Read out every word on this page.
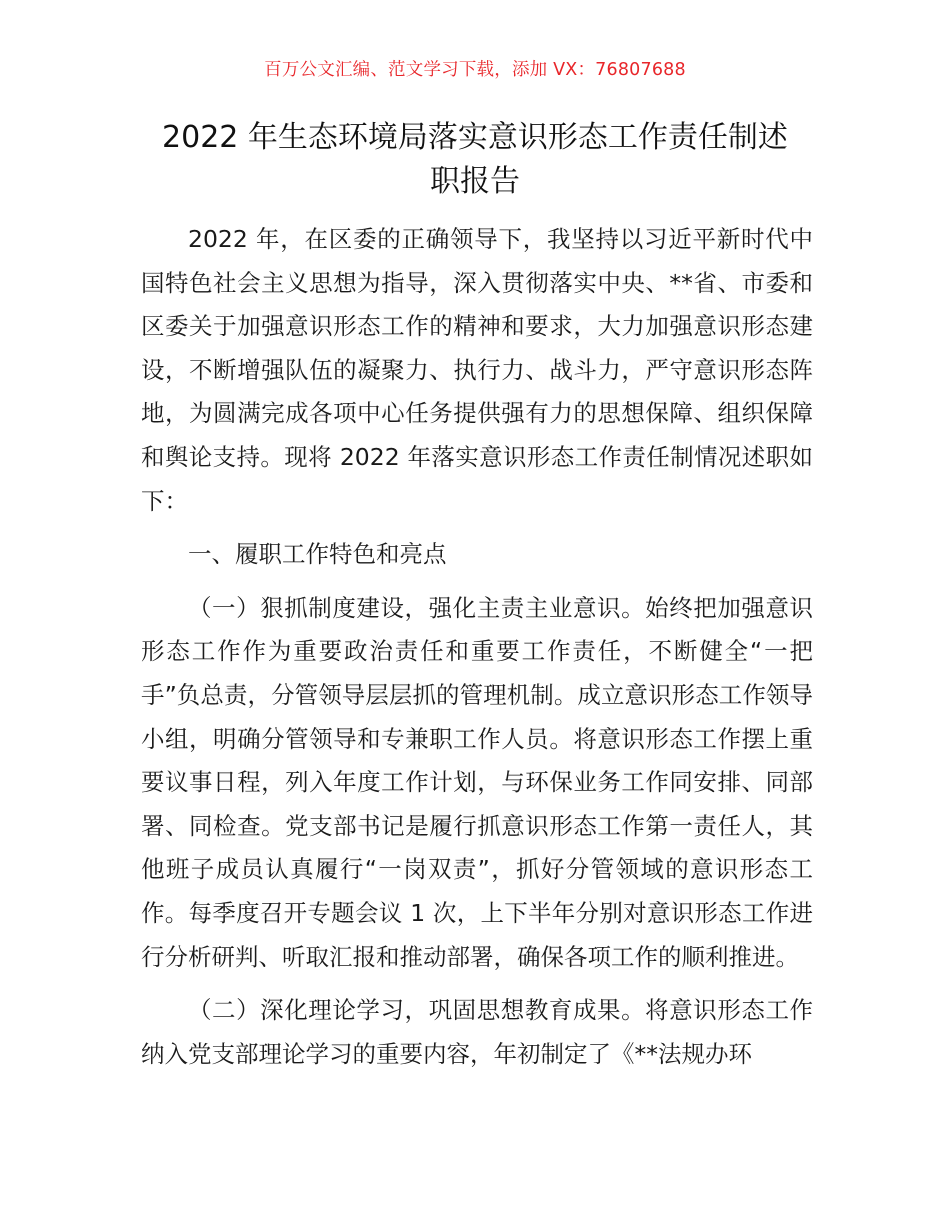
百万公文汇编、范文学习下载，添加 VX：76807688
2022 年生态环境局落实意识形态工作责任制述
职报告

2022 年，在区委的正确领导下，我坚持以习近平新时代中国特色社会主义思想为指导，深入贯彻落实中央、**省、市委和区委关于加强意识形态工作的精神和要求，大力加强意识形态建设，不断增强队伍的凝聚力、执行力、战斗力，严守意识形态阵地，为圆满完成各项中心任务提供强有力的思想保障、组织保障和舆论支持。现将 2022 年落实意识形态工作责任制情况述职如下：

一、履职工作特色和亮点

（一）狠抓制度建设，强化主责主业意识。始终把加强意识形态工作作为重要政治责任和重要工作责任，不断健全“一把手”负总责，分管领导层层抓的管理机制。成立意识形态工作领导小组，明确分管领导和专兼职工作人员。将意识形态工作摆上重要议事日程，列入年度工作计划，与环保业务工作同安排、同部署、同检查。党支部书记是履行抓意识形态工作第一责任人，其他班子成员认真履行“一岗双责”，抓好分管领域的意识形态工作。每季度召开专题会议 1 次，上下半年分别对意识形态工作进行分析研判、听取汇报和推动部署，确保各项工作的顺利推进。

（二）深化理论学习，巩固思想教育成果。将意识形态工作纳入党支部理论学习的重要内容，年初制定了《**法规办环
